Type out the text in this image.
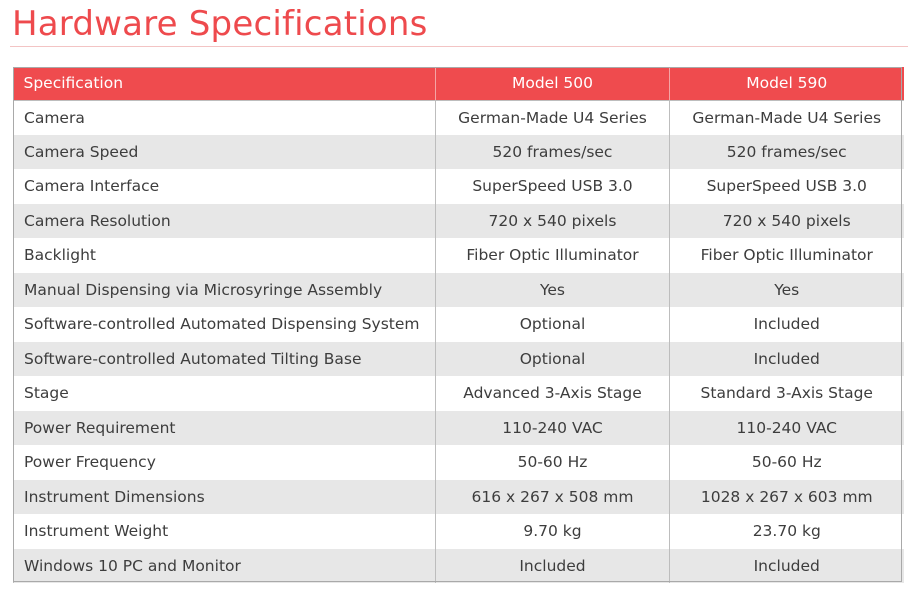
Hardware Specifications
Specification	Model 500	Model 590
Camera	German-Made U4 Series	German-Made U4 Series
Camera Speed	520 frames/sec	520 frames/sec
Camera Interface	SuperSpeed USB 3.0	SuperSpeed USB 3.0
Camera Resolution	720 x 540 pixels	720 x 540 pixels
Backlight	Fiber Optic Illuminator	Fiber Optic Illuminator
Manual Dispensing via Microsyringe Assembly	Yes	Yes
Software-controlled Automated Dispensing System	Optional	Included
Software-controlled Automated Tilting Base	Optional	Included
Stage	Advanced 3-Axis Stage	Standard 3-Axis Stage
Power Requirement	110-240 VAC	110-240 VAC
Power Frequency	50-60 Hz	50-60 Hz
Instrument Dimensions	616 x 267 x 508 mm	1028 x 267 x 603 mm
Instrument Weight	9.70 kg	23.70 kg
Windows 10 PC and Monitor	Included	Included
